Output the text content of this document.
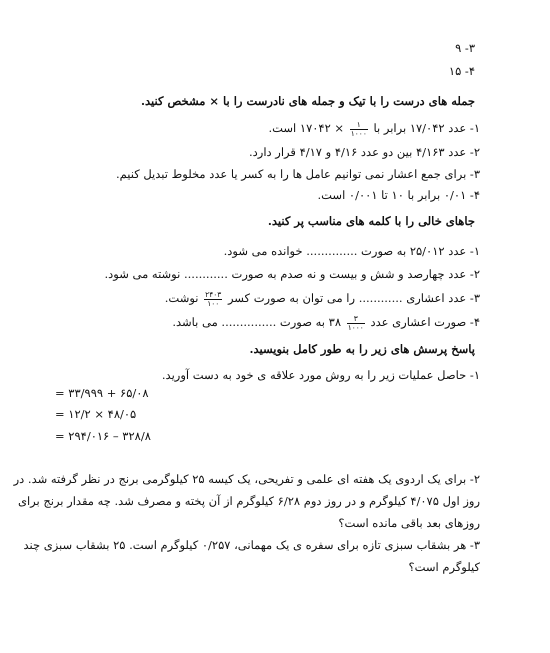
۳- ۹
۴- ۱۵
جمله های درست را با تیک و جمله های نادرست را با × مشخص کنید.
۱- عدد ۱۷/۰۴۲ برابر با
$\frac{۱}{۱۰۰۰}$
× ۱۷۰۴۲ است.
۲- عدد ۴/۱۶۳ بین دو عدد ۴/۱۶ و ۴/۱۷ قرار دارد.
۳- برای جمع اعشار نمی توانیم عامل ها را به کسر یا عدد مخلوط تبدیل کنیم.
۴- ۰/۰۱ برابر با ۱۰ تا ۰/۰۰۱ است.
جاهای خالی را با کلمه های مناسب پر کنید.
۱- عدد ۲۵/۰۱۲ به صورت .............. خوانده می شود.
۲- عدد چهارصد و شش و بیست و نه صدم به صورت ............ نوشته می شود.
۳- عدد اعشاری ............ را می توان به صورت کسر
$\frac{۲۴۰۳}{۱۰۰}$
نوشت.
۴- صورت اعشاری عدد
$\frac{۳}{۱۰۰۰}$
۳۸ به صورت ............... می باشد.
پاسخ پرسش های زیر را به طور کامل بنویسید.
۱- حاصل عملیات زیر را به روش مورد علاقه ی خود به دست آورید.
۶۵/۰۸ + ۳۳/۹۹۹ =
۴۸/۰۵ × ۱۲/۲ =
۳۲۸/۸ – ۲۹۴/۰۱۶ =
۲- برای یک اردوی یک هفته ای علمی و تفریحی، یک کیسه ۲۵ کیلوگرمی برنج در نظر گرفته شد. در
روز اول ۴/۰۷۵ کیلوگرم و در روز دوم ۶/۲۸ کیلوگرم از آن پخته و مصرف شد. چه مقدار برنج برای
روزهای بعد باقی مانده است؟
۳- هر بشقاب سبزی تازه برای سفره ی یک مهمانی، ۰/۲۵۷ کیلوگرم است. ۲۵ بشقاب سبزی چند
کیلوگرم است؟
